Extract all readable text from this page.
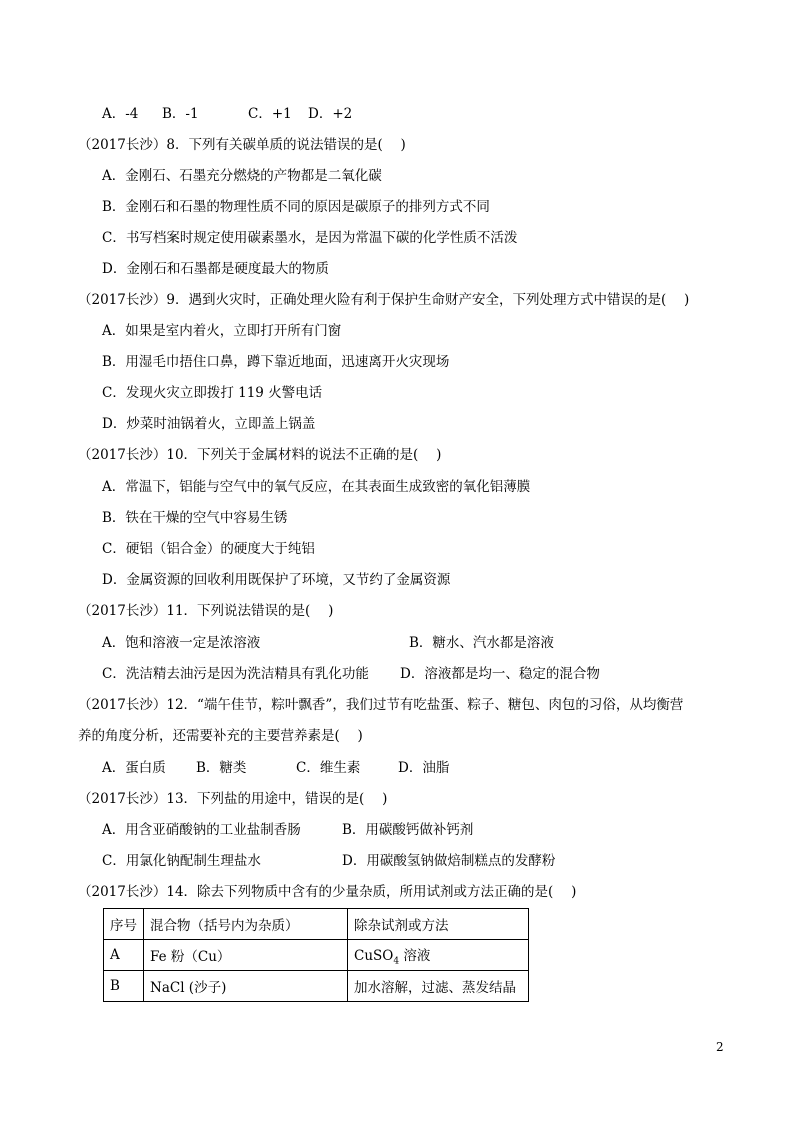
A．-4 B．-1	C．+1 D．+2
（2017长沙）8．下列有关碳单质的说法错误的是(　 )
A．金刚石、石墨充分燃烧的产物都是二氧化碳
B．金刚石和石墨的物理性质不同的原因是碳原子的排列方式不同
C．书写档案时规定使用碳素墨水，是因为常温下碳的化学性质不活泼
D．金刚石和石墨都是硬度最大的物质
（2017长沙）9．遇到火灾时，正确处理火险有利于保护生命财产安全，下列处理方式中错误的是(　 )
A．如果是室内着火，立即打开所有门窗
B．用湿毛巾捂住口鼻，蹲下靠近地面，迅速离开火灾现场
C．发现火灾立即拨打 119 火警电话
D．炒菜时油锅着火，立即盖上锅盖
（2017长沙）10．下列关于金属材料的说法不正确的是(　 )
A．常温下，铝能与空气中的氧气反应，在其表面生成致密的氧化铝薄膜
B．铁在干燥的空气中容易生锈
C．硬铝（铝合金）的硬度大于纯铝
D．金属资源的回收利用既保护了环境，又节约了金属资源
（2017长沙）11．下列说法错误的是(　 )
A．饱和溶液一定是浓溶液	B．糖水、汽水都是溶液
C．洗洁精去油污是因为洗洁精具有乳化功能 D．溶液都是均一、稳定的混合物
（2017长沙）12．“端午佳节，粽叶飘香”，我们过节有吃盐蛋、粽子、糖包、肉包的习俗，从均衡营
养的角度分析，还需要补充的主要营养素是(　 )
A．蛋白质 B．糖类	C．维生素	D．油脂
（2017长沙）13．下列盐的用途中，错误的是(　 )
A．用含亚硝酸钠的工业盐制香肠	B．用碳酸钙做补钙剂
C．用氯化钠配制生理盐水	D．用碳酸氢钠做焙制糕点的发酵粉
（2017长沙）14．除去下列物质中含有的少量杂质，所用试剂或方法正确的是(　 )
序号	混合物（括号内为杂质）	除杂试剂或方法
A	Fe 粉（Cu）	CuSO$_4$ 溶液
B	NaCl (沙子)	加水溶解，过滤、蒸发结晶
2
